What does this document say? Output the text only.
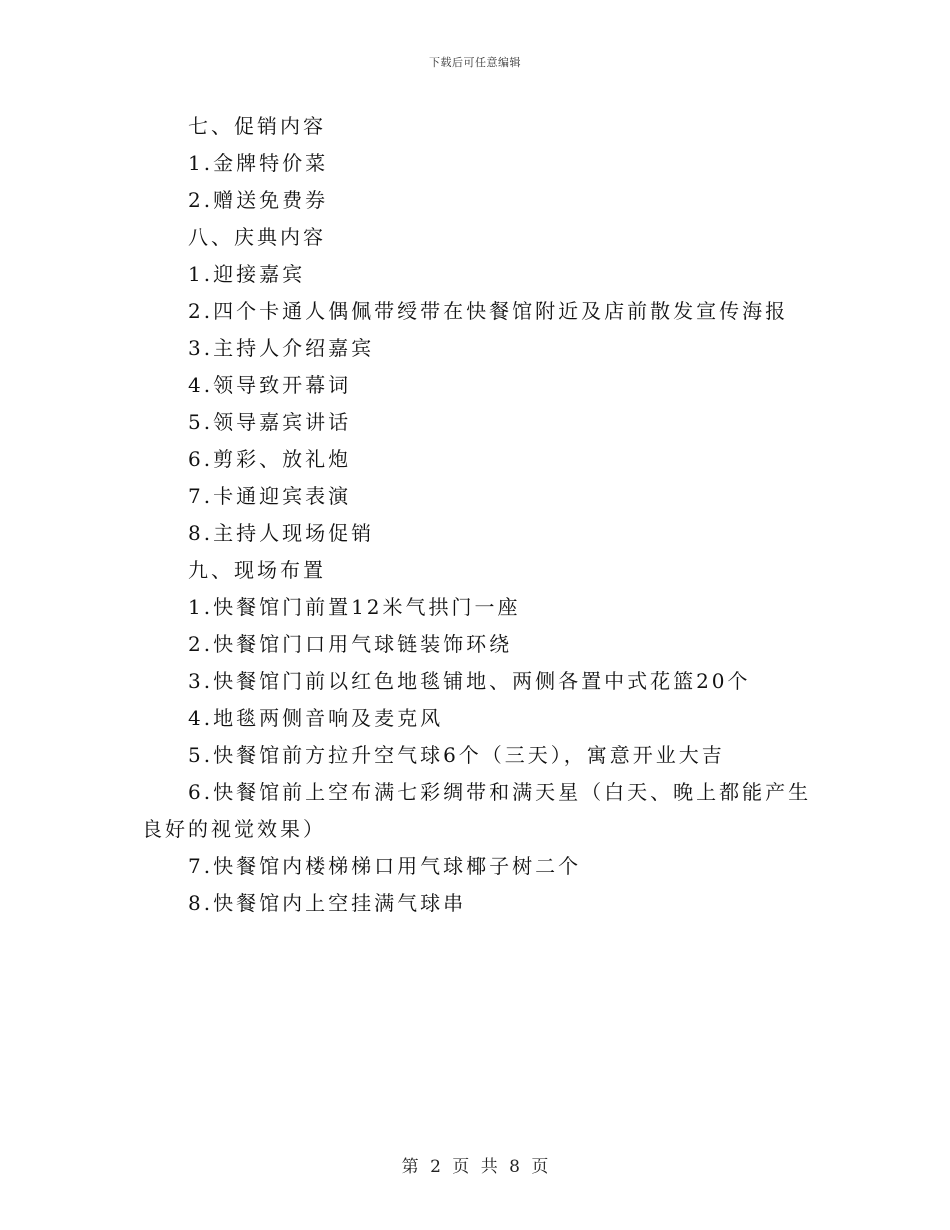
下载后可任意编辑
七、促销内容
1.金牌特价菜
2.赠送免费券
八、庆典内容
1.迎接嘉宾
2.四个卡通人偶佩带绶带在快餐馆附近及店前散发宣传海报
3.主持人介绍嘉宾
4.领导致开幕词
5.领导嘉宾讲话
6.剪彩、放礼炮
7.卡通迎宾表演
8.主持人现场促销
九、现场布置
1.快餐馆门前置12米气拱门一座
2.快餐馆门口用气球链装饰环绕
3.快餐馆门前以红色地毯铺地、两侧各置中式花篮20个
4.地毯两侧音响及麦克风
5.快餐馆前方拉升空气球6个（三天），寓意开业大吉
6.快餐馆前上空布满七彩绸带和满天星（白天、晚上都能产生良好的视觉效果）
7.快餐馆内楼梯梯口用气球椰子树二个
8.快餐馆内上空挂满气球串
第 2 页 共 8 页
